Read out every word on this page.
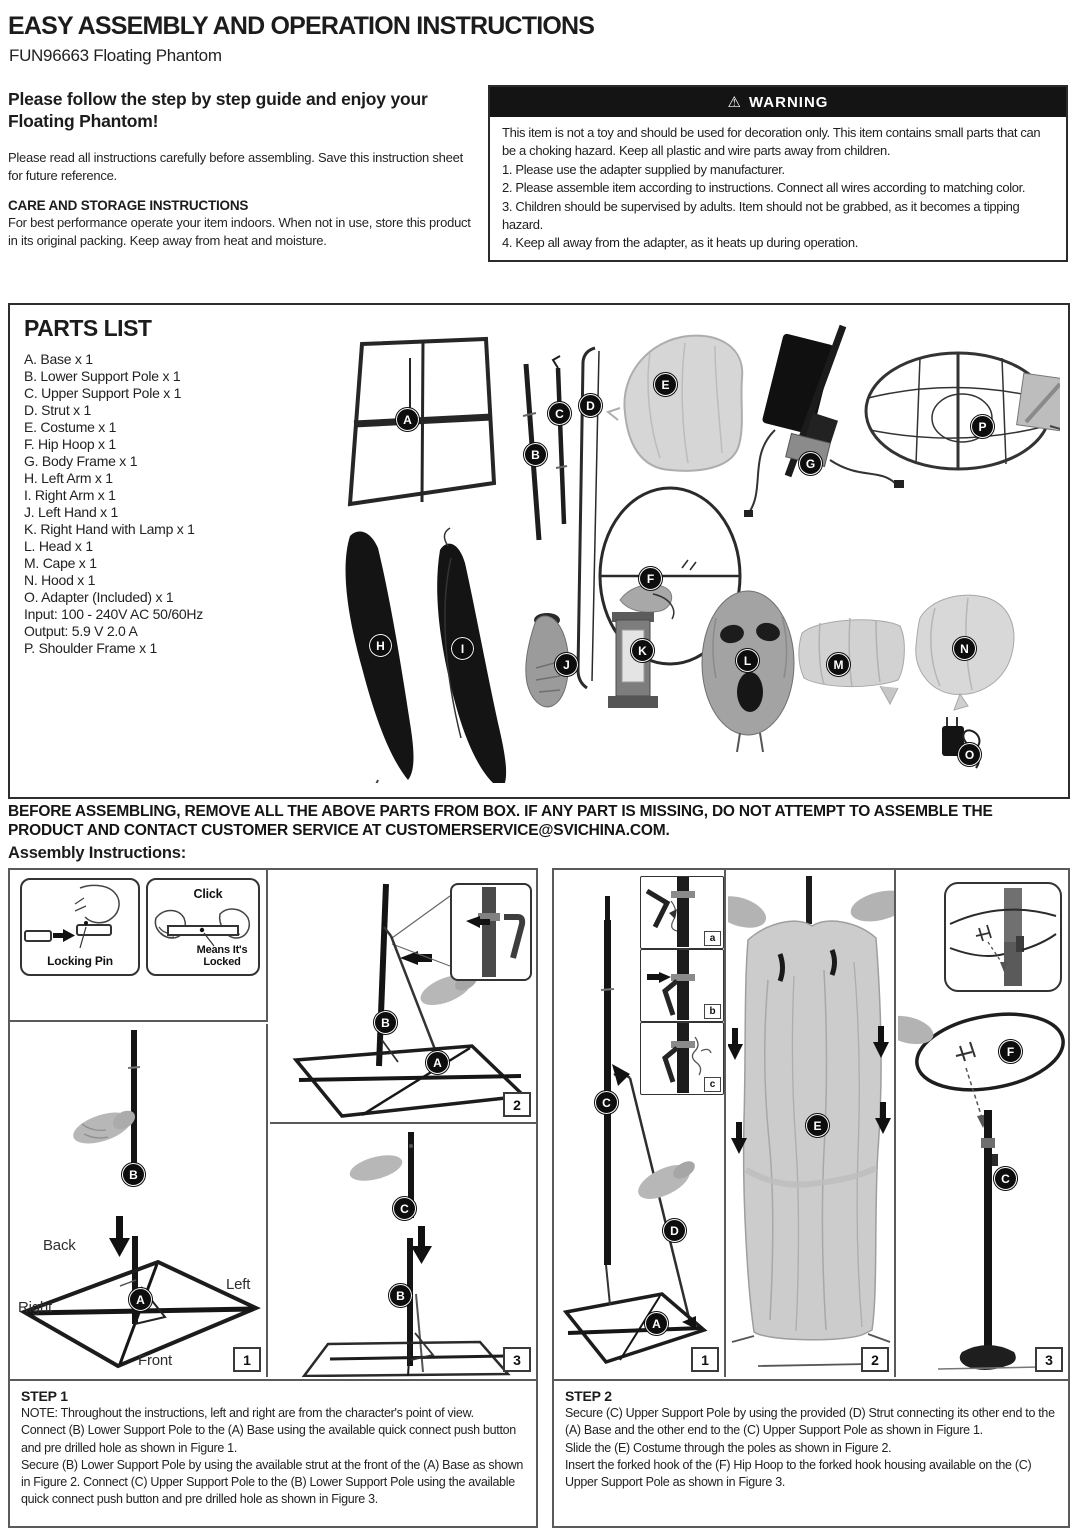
EASY ASSEMBLY AND OPERATION INSTRUCTIONS
FUN96663 Floating Phantom
Please follow the step by step guide and enjoy your Floating Phantom!

Please read all instructions carefully before assembling. Save this instruction sheet for future reference.

CARE AND STORAGE INSTRUCTIONS

For best performance operate your item indoors. When not in use, store this product in its original packing. Keep away from heat and moisture.

⚠ WARNING

This item is not a toy and should be used for decoration only. This item contains small parts that can be a choking hazard. Keep all plastic and wire parts away from children.

1. Please use the adapter supplied by manufacturer.

2. Please assemble item according to instructions. Connect all wires according to matching color.

3. Children should be supervised by adults. Item should not be grabbed, as it becomes a tipping hazard.

4. Keep all away from the adapter, as it heats up during operation.

PARTS LIST
A. Base x 1
B. Lower Support Pole x 1
C. Upper Support Pole x 1
D. Strut x 1
E. Costume x 1
F. Hip Hoop x 1
G. Body Frame x 1
H. Left Arm x 1
I. Right Arm x 1
J. Left Hand x 1
K. Right Hand with Lamp x 1
L. Head x 1
M. Cape x 1
N. Hood x 1
O. Adapter (Included) x 1
Input: 100 - 240V AC 50/60Hz
Output: 5.9 V 2.0 A
P. Shoulder Frame x 1
A
B
C
D
E
F
G
P
H	I
J
K
L	M
N
O

BEFORE ASSEMBLING, REMOVE ALL THE ABOVE PARTS FROM BOX. IF ANY PART IS MISSING, DO NOT ATTEMPT TO ASSEMBLE THE PRODUCT AND CONTACT CUSTOMER SERVICE AT CUSTOMERSERVICE@SVICHINA.COM.

Assembly Instructions:
Locking Pin
Click
Means It's Locked
B
A
Back
Left
Right
Front	1
B
A
2
C
B
3
STEP 1

NOTE: Throughout the instructions, left and right are from the character's point of view.

Connect (B) Lower Support Pole to the (A) Base using the available quick connect push button and pre drilled hole as shown in Figure 1.

Secure (B) Lower Support Pole by using the available strut at the front of the (A) Base as shown in Figure 2. Connect (C) Upper Support Pole to the (B) Lower Support Pole using the available quick connect push button and pre drilled hole as shown in Figure 3.

a
b
c
C
D
A
1
E
2
F
C
3
STEP 2

Secure (C) Upper Support Pole by using the provided (D) Strut connecting its other end to the (A) Base and the other end to the (C) Upper Support Pole as shown in Figure 1.

Slide the (E) Costume through the poles as shown in Figure 2.

Insert the forked hook of the (F) Hip Hoop to the forked hook housing available on the (C) Upper Support Pole as shown in Figure 3.
